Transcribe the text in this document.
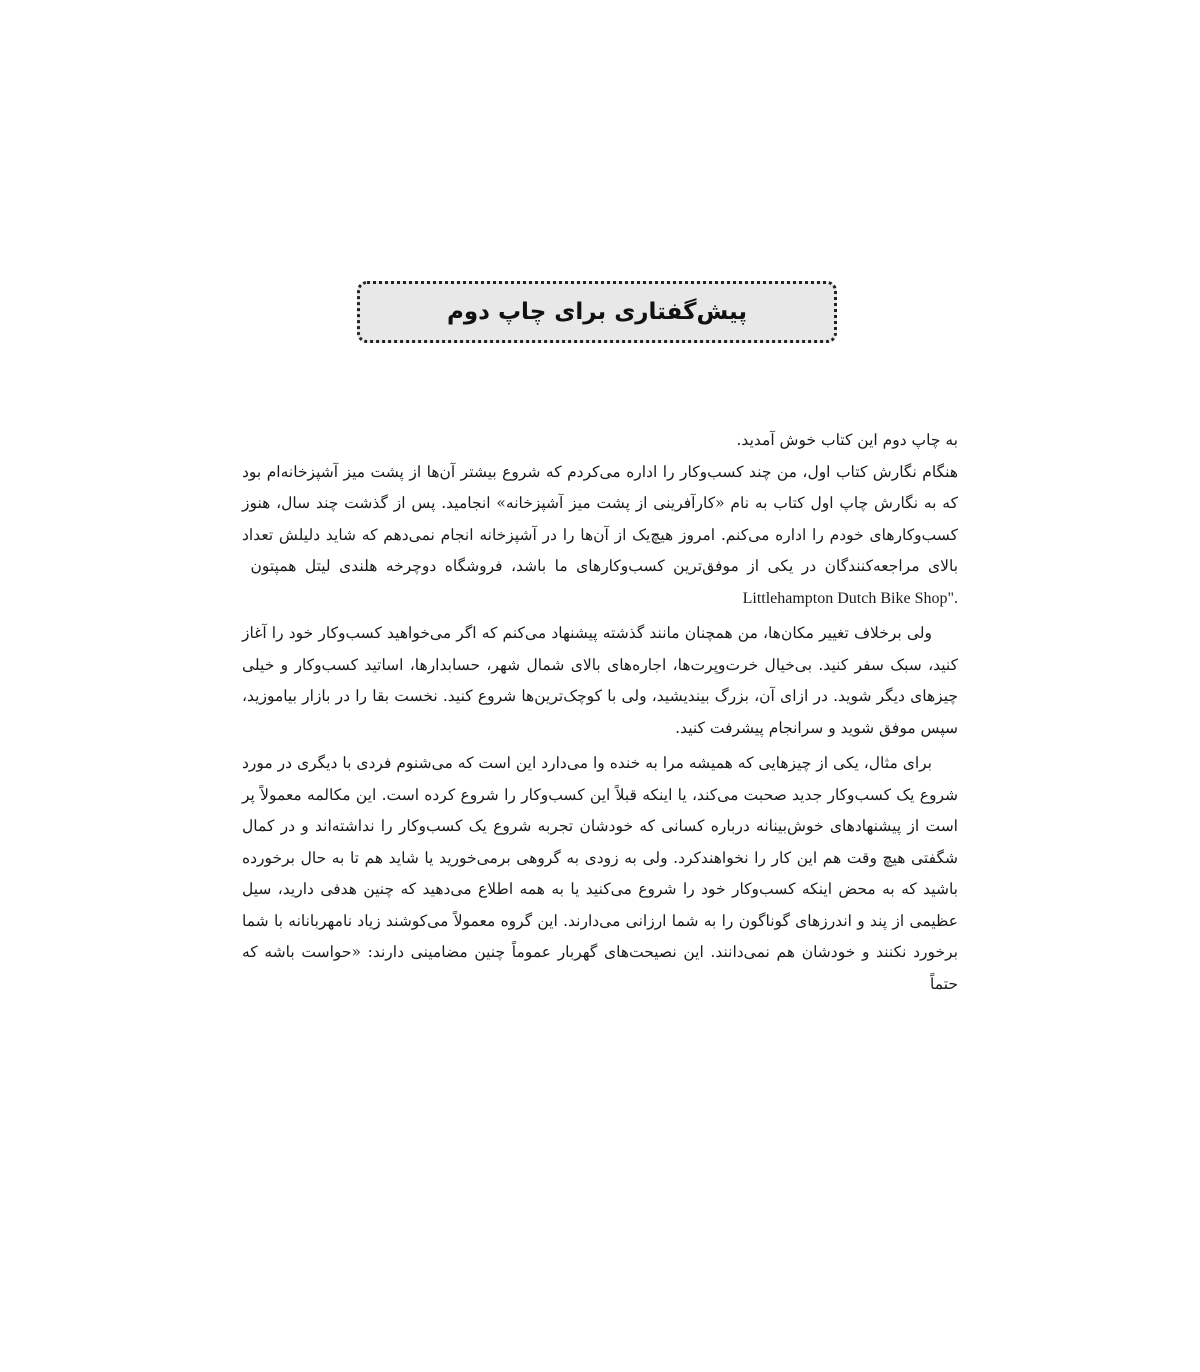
پیش‌گفتاری برای چاپ دوم

به چاپ دوم این کتاب خوش آمدید.

هنگام نگارش کتاب اول، من چند کسب‌وکار را اداره می‌کردم که شروع بیشتر آن‌ها از پشت میز آشپزخانه‌ام بود که به نگارش چاپ اول کتاب به نام «کارآفرینی از پشت میز آشپزخانه» انجامید. پس از گذشت چند سال، هنوز کسب‌وکارهای خودم را اداره می‌کنم. امروز هیچ‌یک از آن‌ها را در آشپزخانه انجام نمی‌دهم که شاید دلیلش تعداد بالای مراجعه‌کنندگان در یکی از موفق‌ترین کسب‌وکارهای ما باشد، فروشگاه دوچرخه هلندی لیتل همپتون  Littlehampton Dutch Bike Shop".

ولی برخلاف تغییر مکان‌ها، من همچنان مانند گذشته پیشنهاد می‌کنم که اگر می‌خواهید کسب‌وکار خود را آغاز کنید، سبک سفر کنید. بی‌خیال خرت‌وپرت‌ها، اجاره‌های بالای شمال شهر، حسابدارها، اساتید کسب‌وکار و خیلی چیزهای دیگر شوید. در ازای آن، بزرگ بیندیشید، ولی با کوچک‌ترین‌ها شروع کنید. نخست بقا را در بازار بیاموزید، سپس موفق شوید و سرانجام پیشرفت کنید.

برای مثال، یکی از چیزهایی که همیشه مرا به خنده وا می‌دارد این است که می‌شنوم فردی با دیگری در مورد شروع یک کسب‌وکار جدید صحبت می‌کند، یا اینکه قبلاً این کسب‌وکار را شروع کرده است. این مکالمه معمولاً پر است از پیشنهادهای خوش‌بینانه درباره کسانی که خودشان تجربه شروع یک کسب‌وکار را نداشته‌اند و در کمال شگفتی هیچ وقت هم این کار را نخواهندکرد. ولی به زودی به گروهی برمی‌خورید یا شاید هم تا به حال برخورده باشید که به محض اینکه کسب‌وکار خود را شروع می‌کنید یا به همه اطلاع می‌دهید که چنین هدفی دارید، سیل عظیمی از پند و اندرزهای گوناگون را به شما ارزانی می‌دارند. این گروه معمولاً می‌کوشند زیاد نامهربانانه با شما برخورد نکنند و خودشان هم نمی‌دانند. این نصیحت‌های گهربار عموماً چنین مضامینی دارند: «حواست باشه که حتماً
